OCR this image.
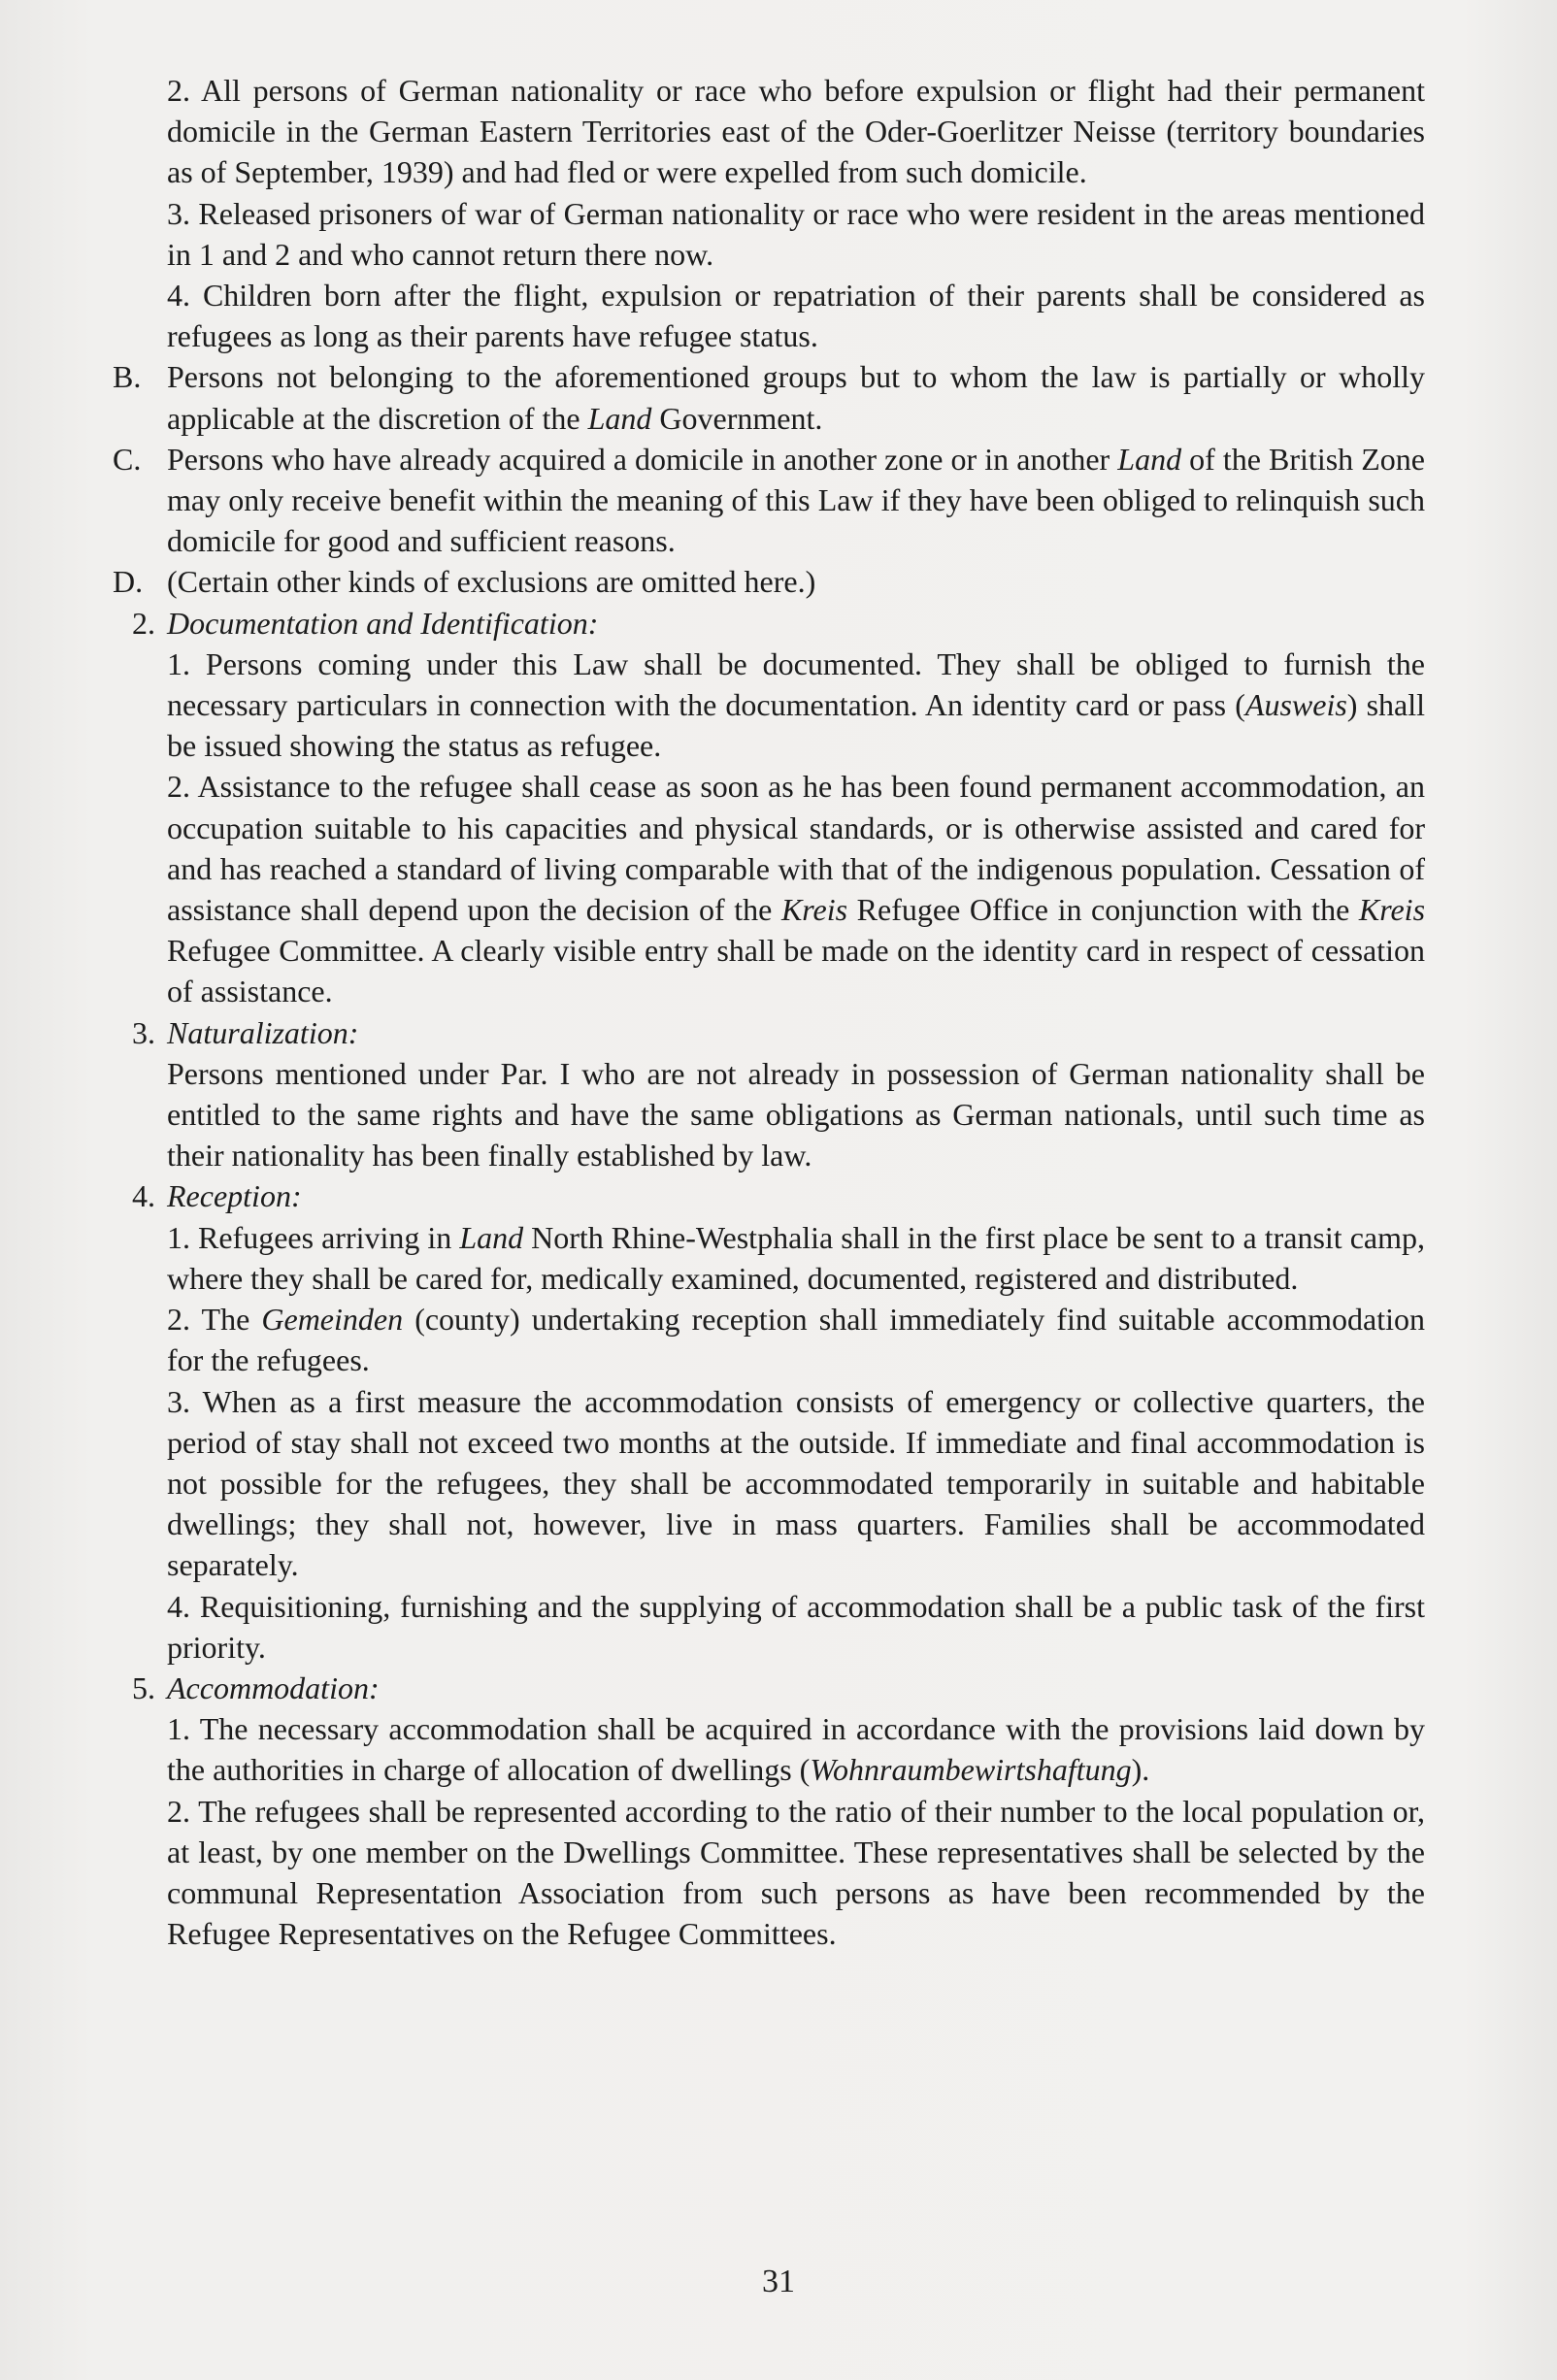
2. All persons of German nationality or race who before expulsion or flight had their permanent domicile in the German Eastern Territories east of the Oder-Goerlitzer Neisse (territory boundaries as of September, 1939) and had fled or were expelled from such domicile.

3. Released prisoners of war of German nationality or race who were resident in the areas mentioned in 1 and 2 and who cannot return there now.

4. Children born after the flight, expulsion or repatriation of their parents shall be considered as refugees as long as their parents have refugee status.

B. Persons not belonging to the aforementioned groups but to whom the law is partially or wholly applicable at the discretion of the Land Government.

C. Persons who have already acquired a domicile in another zone or in another Land of the British Zone may only receive benefit within the meaning of this Law if they have been obliged to relinquish such domicile for good and sufficient reasons.

D. (Certain other kinds of exclusions are omitted here.)

2. Documentation and Identification:

1. Persons coming under this Law shall be documented. They shall be obliged to furnish the necessary particulars in connection with the documentation. An identity card or pass (Ausweis) shall be issued showing the status as refugee.

2. Assistance to the refugee shall cease as soon as he has been found permanent accommodation, an occupation suitable to his capacities and physical standards, or is otherwise assisted and cared for and has reached a standard of living comparable with that of the indigenous population. Cessation of assistance shall depend upon the decision of the Kreis Refugee Office in conjunction with the Kreis Refugee Committee. A clearly visible entry shall be made on the identity card in respect of cessation of assistance.

3. Naturalization:

Persons mentioned under Par. I who are not already in possession of German nationality shall be entitled to the same rights and have the same obligations as German nationals, until such time as their nationality has been finally established by law.

4. Reception:

1. Refugees arriving in Land North Rhine-Westphalia shall in the first place be sent to a transit camp, where they shall be cared for, medically examined, documented, registered and distributed.

2. The Gemeinden (county) undertaking reception shall immediately find suitable accommodation for the refugees.

3. When as a first measure the accommodation consists of emergency or collective quarters, the period of stay shall not exceed two months at the outside. If immediate and final accommodation is not possible for the refugees, they shall be accommodated temporarily in suitable and habitable dwellings; they shall not, however, live in mass quarters. Families shall be accommodated separately.

4. Requisitioning, furnishing and the supplying of accommodation shall be a public task of the first priority.

5. Accommodation:

1. The necessary accommodation shall be acquired in accordance with the provisions laid down by the authorities in charge of allocation of dwellings (Wohnraumbewirtshaftung).

2. The refugees shall be represented according to the ratio of their number to the local population or, at least, by one member on the Dwellings Committee. These representatives shall be selected by the communal Representation Association from such persons as have been recommended by the Refugee Representatives on the Refugee Committees.

31
